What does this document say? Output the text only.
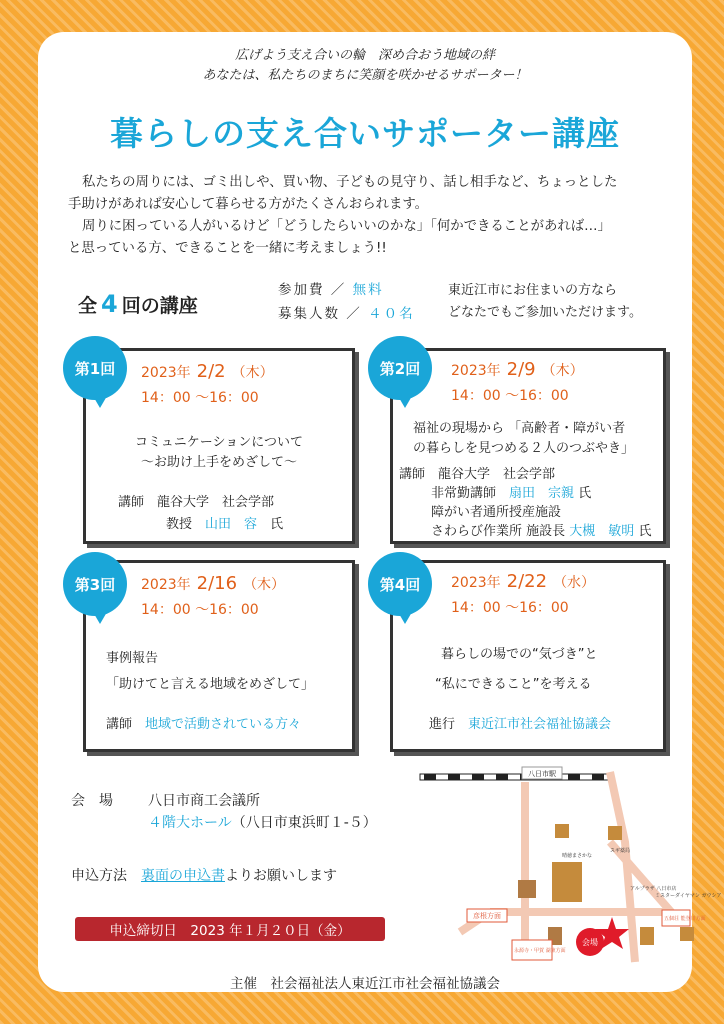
広げよう支え合いの輪　深め合おう地域の絆
あなたは、私たちのまちに笑顔を咲かせるサポーター！
暮らしの支え合いサポーター講座
私たちの周りには、ゴミ出しや、買い物、子どもの見守り、話し相手など、ちょっとした
手助けがあれば安心して暮らせる方がたくさんおられます。
周りに困っている人がいるけど「どうしたらいいのかな」「何かできることがあれば…」
と思っている方、できることを一緒に考えましょう!!
全 4 回の講座
参加費 ／ 無料
募集人数 ／ ４０名
東近江市にお住まいの方なら
どなたでもご参加いただけます。
2023年 2/2 （木）
14：00 ～16：00
コミュニケーションについて
～お助け上手をめざして～
講師　龍谷大学　社会学部
教授　 山田　容　 氏
第1回	2023年 2/9 （木）
14：00 ～16：00
福祉の現場から 「高齢者・障がい者
の暮らしを見つめる２人のつぶやき」
講師　龍谷大学　社会学部
非常勤講師　 扇田　宗親 氏
障がい者通所授産施設
さわらび作業所 施設長 大槻　敏明 氏
第2回
2023年 2/16 （木）
14：00 ～16：00
事例報告
「助けてと言える地域をめざして」
講師　 地域で活動されている方々
第3回	2023年 2/22 （水）
14：00 ～16：00
暮らしの場での“気づき”と
“私にできること”を考える
進行　 東近江市社会福祉協議会
第4回
会　場	八日市商工会議所
４階大ホール（八日市東浜町１-５）
申込方法　 裏面の申込書よりお願いします
申込締切日　2023 年１月２０日（金）
八日市駅
晴徳まさかな
スギ薬局
アルプラザ 八日市店
ミスターダイヤマン ガウシア
五個荘 能登川方面
彦根方面
永源寺・甲賀 湖東方面
会場
主催　社会福祉法人東近江市社会福祉協議会
